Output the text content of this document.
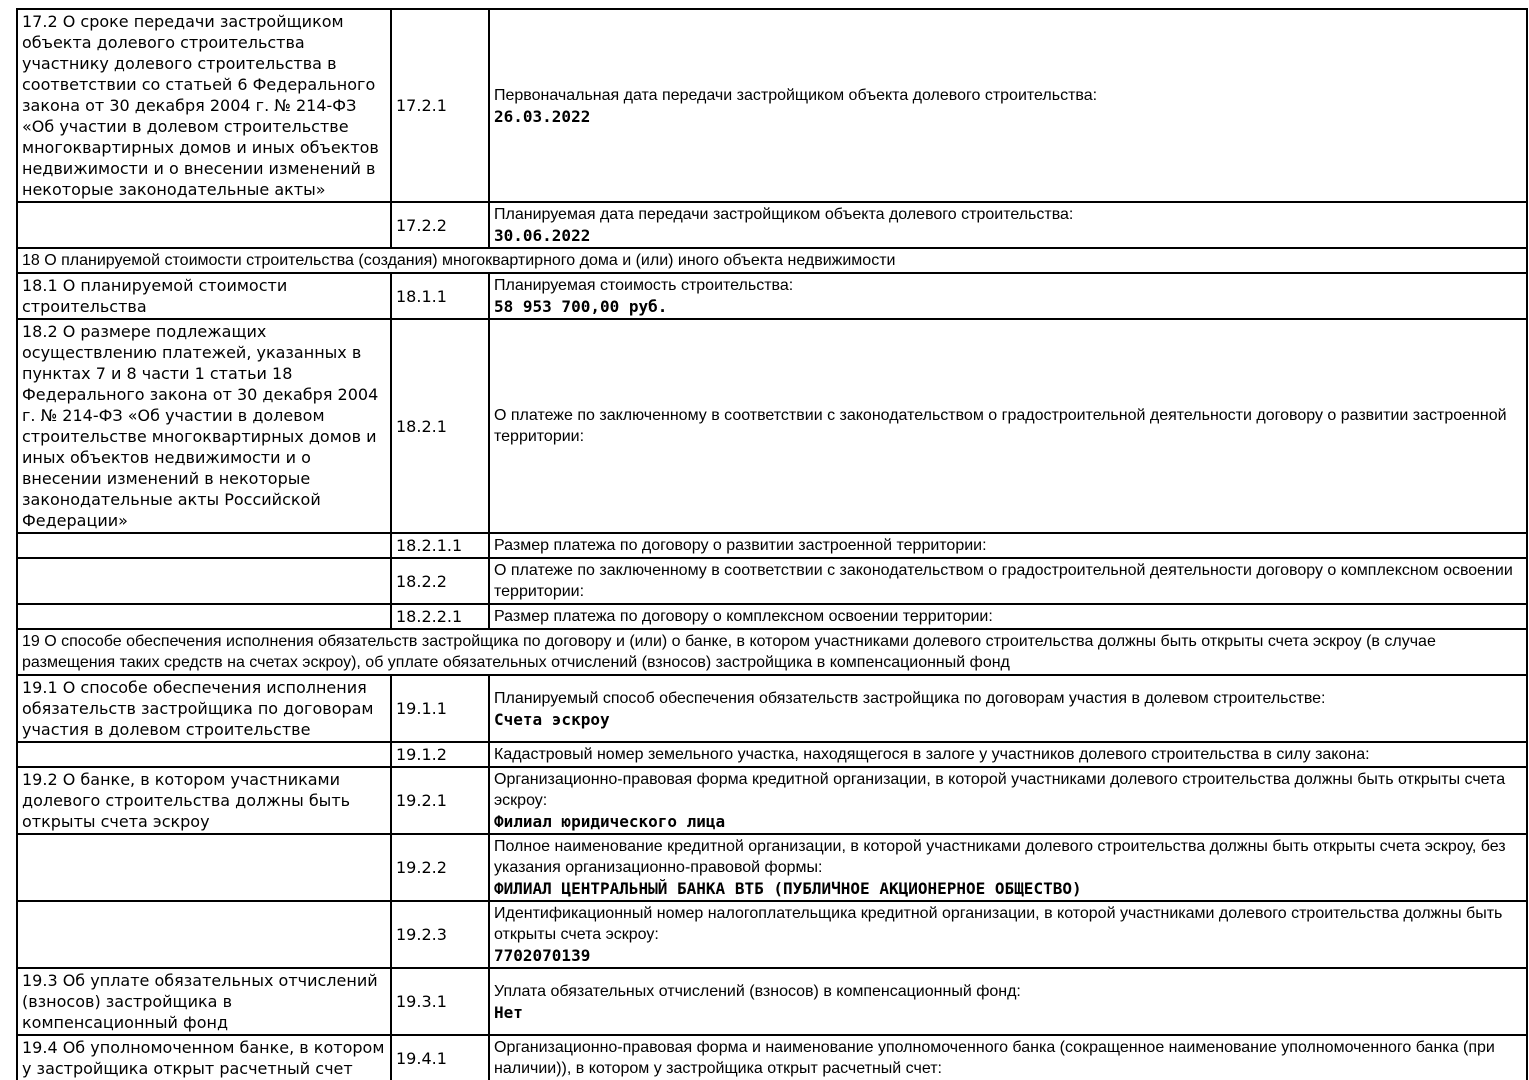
17.2 О сроке передачи застройщиком объекта долевого строительства участнику долевого строительства в соответствии со статьей 6 Федерального закона от 30 декабря 2004 г. № 214-ФЗ «Об участии в долевом строительстве многоквартирных домов и иных объектов недвижимости и о внесении изменений в некоторые законодательные акты»	17.2.1	Первоначальная дата передачи застройщиком объекта долевого строительства:
26.03.2022

	17.2.2	Планируемая дата передачи застройщиком объекта долевого строительства:
30.06.2022

18 О планируемой стоимости строительства (создания) многоквартирного дома и (или) иного объекта недвижимости		
18.1 О планируемой стоимости строительства	18.1.1	Планируемая стоимость строительства:
58 953 700,00 руб.

18.2 О размере подлежащих осуществлению платежей, указанных в пунктах 7 и 8 части 1 статьи 18 Федерального закона от 30 декабря 2004 г. № 214-ФЗ «Об участии в долевом строительстве многоквартирных домов и иных объектов недвижимости и о внесении изменений в некоторые законодательные акты Российской Федерации»	18.2.1	О платеже по заключенному в соответствии с законодательством о градостроительной деятельности договору о развитии застроенной территории:

	18.2.1.1	Размер платежа по договору о развитии застроенной территории:

	18.2.2	О платеже по заключенному в соответствии с законодательством о градостроительной деятельности договору о комплексном освоении территории:

	18.2.2.1	Размер платежа по договору о комплексном освоении территории:

19 О способе обеспечения исполнения обязательств застройщика по договору и (или) о банке, в котором участниками долевого строительства должны быть открыты счета эскроу (в случае размещения таких средств на счетах эскроу), об уплате обязательных отчислений (взносов) застройщика в компенсационный фонд		
19.1 О способе обеспечения исполнения обязательств застройщика по договорам участия в долевом строительстве	19.1.1	Планируемый способ обеспечения обязательств застройщика по договорам участия в долевом строительстве:
Счета эскроу

	19.1.2	Кадастровый номер земельного участка, находящегося в залоге у участников долевого строительства в силу закона:

19.2 О банке, в котором участниками долевого строительства должны быть открыты счета эскроу	19.2.1	Организационно-правовая форма кредитной организации, в которой участниками долевого строительства должны быть открыты счета эскроу:
Филиал юридического лица

	19.2.2	Полное наименование кредитной организации, в которой участниками долевого строительства должны быть открыты счета эскроу, без указания организационно-правовой формы:
ФИЛИАЛ ЦЕНТРАЛЬНЫЙ БАНКА ВТБ (ПУБЛИЧНОЕ АКЦИОНЕРНОЕ ОБЩЕСТВО)

	19.2.3	Идентификационный номер налогоплательщика кредитной организации, в которой участниками долевого строительства должны быть открыты счета эскроу:
7702070139

19.3 Об уплате обязательных отчислений (взносов) застройщика в компенсационный фонд	19.3.1	Уплата обязательных отчислений (взносов) в компенсационный фонд:
Нет

19.4 Об уполномоченном банке, в котором у застройщика открыт расчетный счет	19.4.1	Организационно-правовая форма и наименование уполномоченного банка (сокращенное наименование уполномоченного банка (при наличии)), в котором у застройщика открыт расчетный счет:
